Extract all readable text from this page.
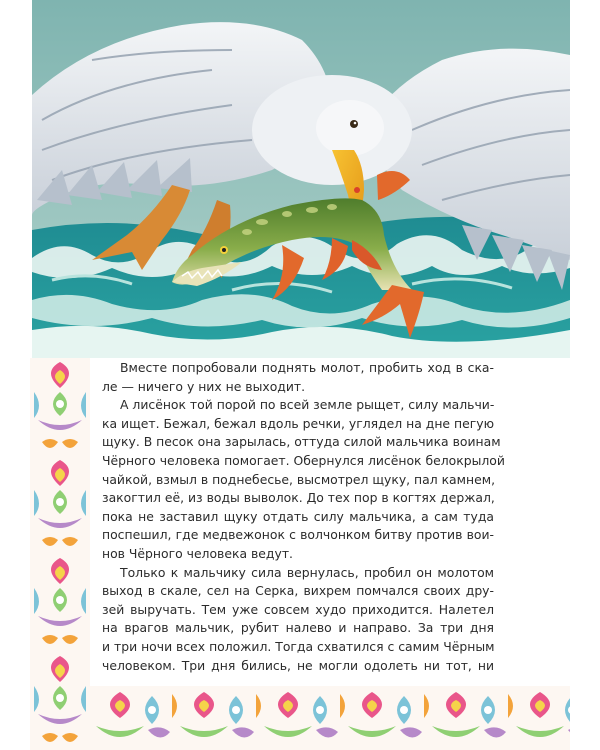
Вместе попробовали поднять молот, пробить ход в ска-
ле — ничего у них не выходит.

А лисёнок той порой по всей земле рыщет, силу мальчи-
ка ищет. Бежал, бежал вдоль речки, углядел на дне пегую
щуку. В песок она зарылась, оттуда силой мальчика воинам
Чёрного человека помогает. Обернулся лисёнок белокрылой
чайкой, взмыл в поднебесье, высмотрел щуку, пал камнем,
закогтил её, из воды выволок. До тех пор в когтях держал,
пока не заставил щуку отдать силу мальчика, а сам туда
поспешил, где медвежонок с волчонком битву против вои-
нов Чёрного человека ведут.

Только к мальчику сила вернулась, пробил он молотом
выход в скале, сел на Серка, вихрем помчался своих дру-
зей выручать. Тем уже совсем худо приходится. Налетел
на врагов мальчик, рубит налево и направо. За три дня
и три ночи всех положил. Тогда схватился с самим Чёрным
человеком. Три дня бились, не могли одолеть ни тот, ни
